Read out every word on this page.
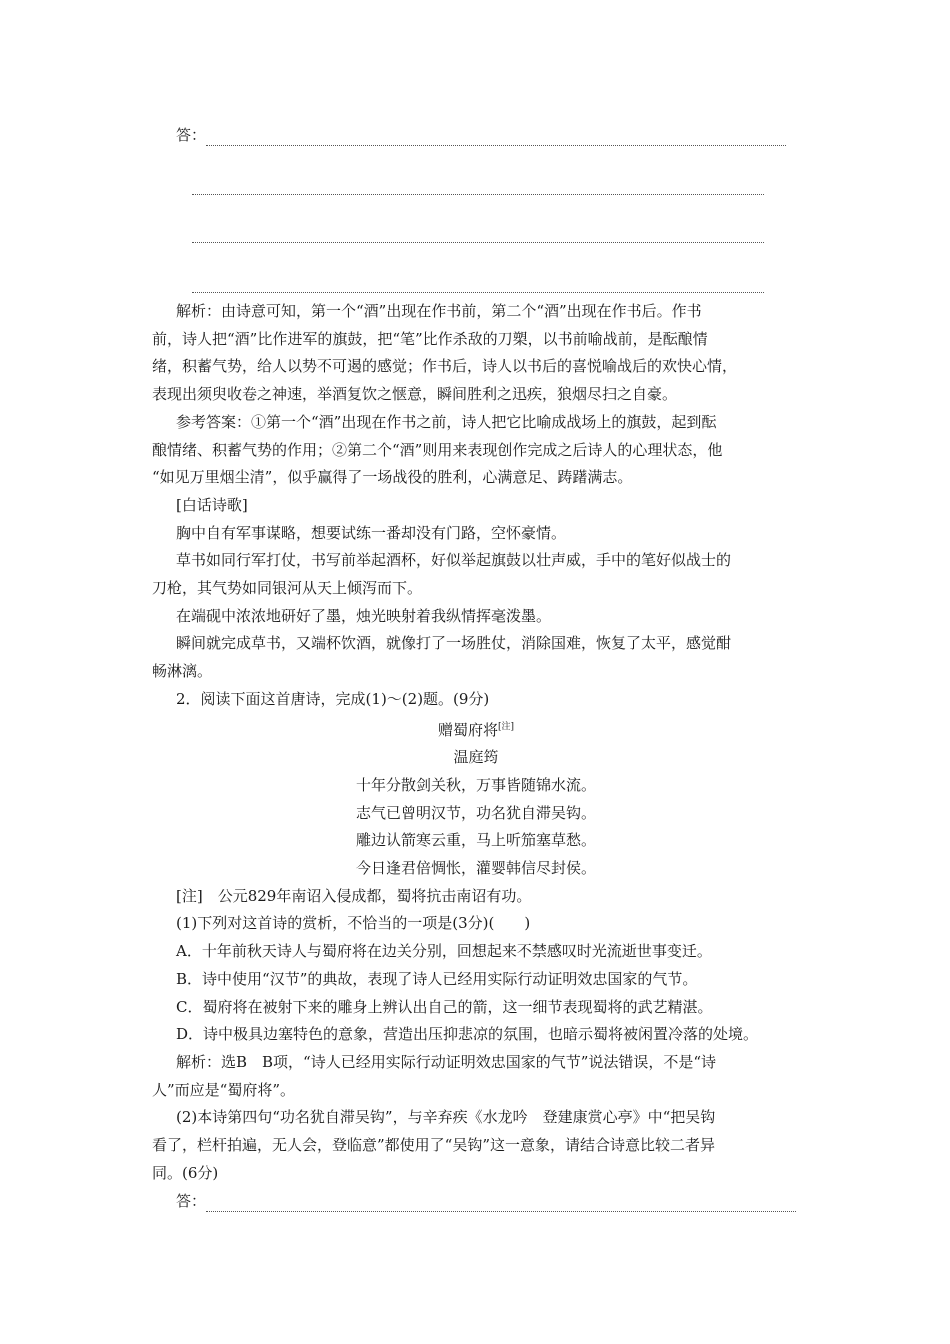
答：
解析：由诗意可知，第一个“酒”出现在作书前，第二个“酒”出现在作书后。作书
前，诗人把“酒”比作进军的旗鼓，把“笔”比作杀敌的刀槊，以书前喻战前，是酝酿情
绪，积蓄气势，给人以势不可遏的感觉；作书后，诗人以书后的喜悦喻战后的欢快心情，
表现出须臾收卷之神速，举酒复饮之惬意，瞬间胜利之迅疾，狼烟尽扫之自豪。
参考答案：①第一个“酒”出现在作书之前，诗人把它比喻成战场上的旗鼓，起到酝
酿情绪、积蓄气势的作用；②第二个“酒”则用来表现创作完成之后诗人的心理状态，他
“如见万里烟尘清”，似乎赢得了一场战役的胜利，心满意足、踌躇满志。
[白话诗歌]
胸中自有军事谋略，想要试练一番却没有门路，空怀豪情。
草书如同行军打仗，书写前举起酒杯，好似举起旗鼓以壮声威，手中的笔好似战士的
刀枪，其气势如同银河从天上倾泻而下。
在端砚中浓浓地研好了墨，烛光映射着我纵情挥毫泼墨。
瞬间就完成草书，又端杯饮酒，就像打了一场胜仗，消除国难，恢复了太平，感觉酣
畅淋漓。
2．阅读下面这首唐诗，完成(1)～(2)题。(9分)
赠蜀府将[注]
温庭筠
十年分散剑关秋，万事皆随锦水流。
志气已曾明汉节，功名犹自滞吴钩。
雕边认箭寒云重，马上听笳塞草愁。
今日逢君倍惆怅，灌婴韩信尽封侯。
[注]　公元829年南诏入侵成都，蜀将抗击南诏有功。
(1)下列对这首诗的赏析，不恰当的一项是(3分)(　　)
A．十年前秋天诗人与蜀府将在边关分别，回想起来不禁感叹时光流逝世事变迁。
B．诗中使用“汉节”的典故，表现了诗人已经用实际行动证明效忠国家的气节。
C．蜀府将在被射下来的雕身上辨认出自己的箭，这一细节表现蜀将的武艺精湛。
D．诗中极具边塞特色的意象，营造出压抑悲凉的氛围，也暗示蜀将被闲置冷落的处境。
解析：选B　B项，“诗人已经用实际行动证明效忠国家的气节”说法错误，不是“诗
人”而应是“蜀府将”。
(2)本诗第四句“功名犹自滞吴钩”，与辛弃疾《水龙吟　登建康赏心亭》中“把吴钩
看了，栏杆拍遍，无人会，登临意”都使用了“吴钩”这一意象，请结合诗意比较二者异
同。(6分)
答：
